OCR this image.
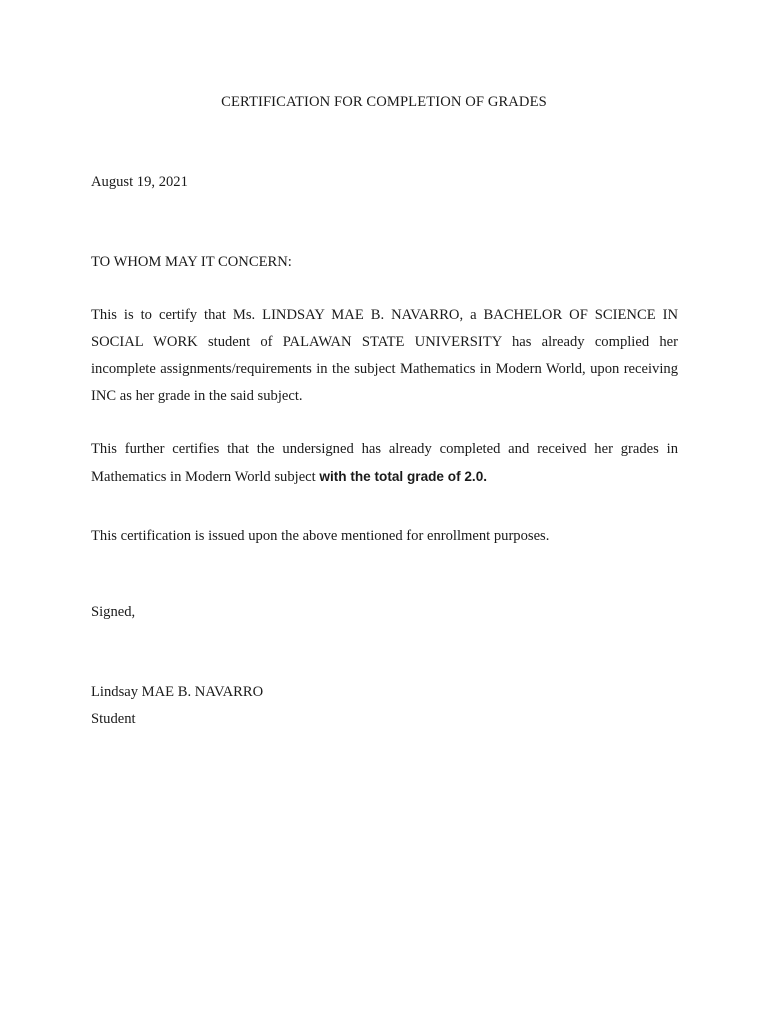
CERTIFICATION FOR COMPLETION OF GRADES
August 19, 2021
TO WHOM MAY IT CONCERN:
This is to certify that Ms. LINDSAY MAE B. NAVARRO, a BACHELOR OF SCIENCE IN SOCIAL WORK student of PALAWAN STATE UNIVERSITY has already complied her incomplete assignments/requirements in the subject Mathematics in Modern World, upon receiving INC as her grade in the said subject.
This further certifies that the undersigned has already completed and received her grades in Mathematics in Modern World subject with the total grade of 2.0.
This certification is issued upon the above mentioned for enrollment purposes.
Signed,
Lindsay MAE B. NAVARRO
Student
